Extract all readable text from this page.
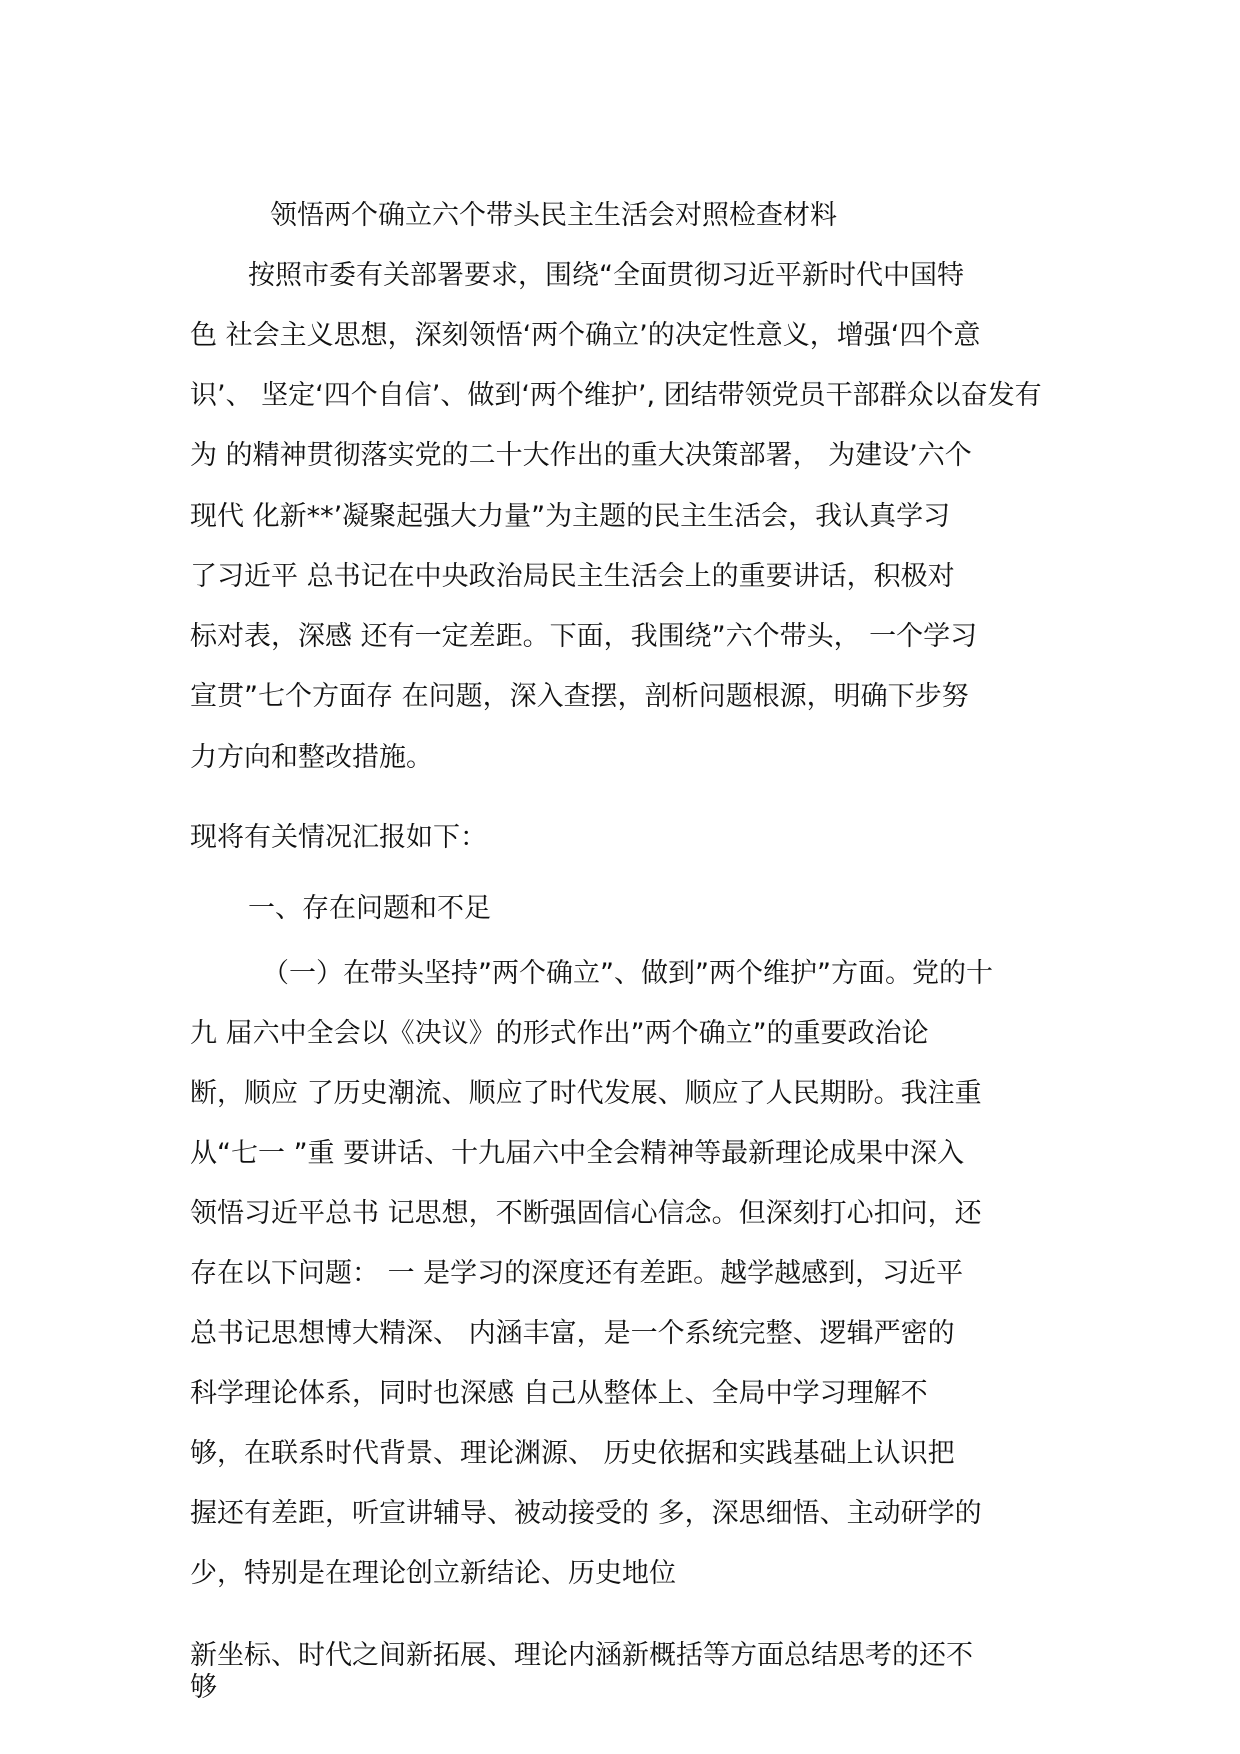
领悟两个确立六个带头民主生活会对照检查材料
按照市委有关部署要求，围绕“全面贯彻习近平新时代中国特
色 社会主义思想，深刻领悟‘两个确立’的决定性意义，增强‘四个意
识’、 坚定‘四个自信’、做到‘两个维护’, 团结带领党员干部群众以奋发有
为 的精神贯彻落实党的二十大作出的重大决策部署， 为建设’六个
现代 化新**’凝聚起强大力量”为主题的民主生活会，我认真学习
了习近平 总书记在中央政治局民主生活会上的重要讲话，积极对
标对表，深感 还有一定差距。下面，我围绕”六个带头， 一个学习
宣贯”七个方面存 在问题，深入查摆，剖析问题根源，明确下步努
力方向和整改措施。
现将有关情况汇报如下：
一、存在问题和不足
（一）在带头坚持”两个确立”、做到”两个维护”方面。党的十
九 届六中全会以《决议》的形式作出”两个确立”的重要政治论
断，顺应 了历史潮流、顺应了时代发展、顺应了人民期盼。我注重
从“七一 ”重 要讲话、十九届六中全会精神等最新理论成果中深入
领悟习近平总书 记思想，不断强固信心信念。但深刻打心扣问，还
存在以下问题： 一 是学习的深度还有差距。越学越感到，习近平
总书记思想博大精深、 内涵丰富，是一个系统完整、逻辑严密的
科学理论体系，同时也深感 自己从整体上、全局中学习理解不
够，在联系时代背景、理论渊源、 历史依据和实践基础上认识把
握还有差距，听宣讲辅导、被动接受的 多，深思细悟、主动研学的
少，特别是在理论创立新结论、历史地位
新坐标、时代之间新拓展、理论内涵新概括等方面总结思考的还不
够
